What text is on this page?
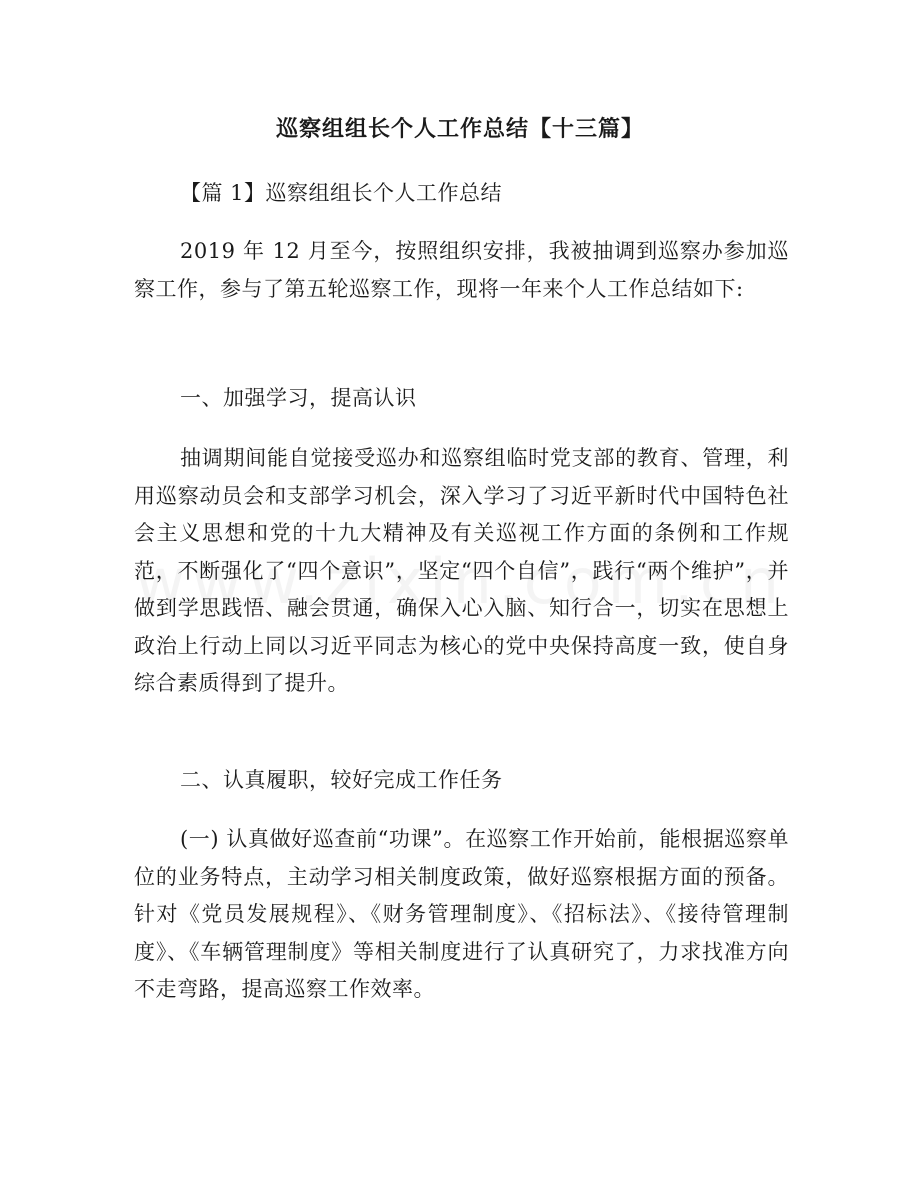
巡察组组长个人工作总结【十三篇】

【篇 1】巡察组组长个人工作总结

2019 年 12 月至今，按照组织安排，我被抽调到巡察办参加巡察工作，参与了第五轮巡察工作，现将一年来个人工作总结如下:

一、加强学习，提高认识

抽调期间能自觉接受巡办和巡察组临时党支部的教育、管理，利用巡察动员会和支部学习机会，深入学习了习近平新时代中国特色社会主义思想和党的十九大精神及有关巡视工作方面的条例和工作规范，不断强化了“四个意识”，坚定“四个自信”，践行“两个维护”，并做到学思践悟、融会贯通，确保入心入脑、知行合一，切实在思想上政治上行动上同以习近平同志为核心的党中央保持高度一致，使自身综合素质得到了提升。

二、认真履职，较好完成工作任务

(一) 认真做好巡查前“功课”。在巡察工作开始前，能根据巡察单位的业务特点，主动学习相关制度政策，做好巡察根据方面的预备。针对《党员发展规程》、《财务管理制度》、《招标法》、《接待管理制度》、《车辆管理制度》等相关制度进行了认真研究了，力求找准方向不走弯路，提高巡察工作效率。
